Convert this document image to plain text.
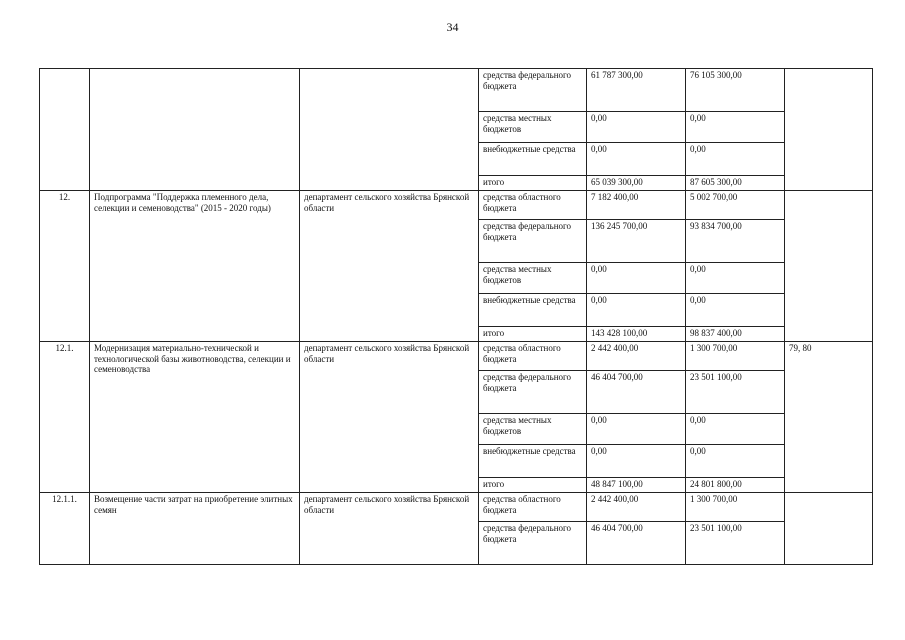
34
			средства федерального бюджета	61 787 300,00	76 105 300,00	
			средства местных бюджетов	0,00	0,00	
			внебюджетные средства	0,00	0,00	
			итого	65 039 300,00	87 605 300,00	
12.	Подпрограмма "Поддержка племенного дела, селекции и семеноводства" (2015 - 2020 годы)	департамент сельского хозяйства Брянской области	средства областного бюджета	7 182 400,00	5 002 700,00	
			средства федерального бюджета	136 245 700,00	93 834 700,00	
			средства местных бюджетов	0,00	0,00	
			внебюджетные средства	0,00	0,00	
			итого	143 428 100,00	98 837 400,00	
12.1.	Модернизация материально-технической и технологической базы животноводства, селекции и семеноводства	департамент сельского хозяйства Брянской области	средства областного бюджета	2 442 400,00	1 300 700,00	79, 80
			средства федерального бюджета	46 404 700,00	23 501 100,00	
			средства местных бюджетов	0,00	0,00	
			внебюджетные средства	0,00	0,00	
			итого	48 847 100,00	24 801 800,00	
12.1.1.	Возмещение части затрат на приобретение элитных семян	департамент сельского хозяйства Брянской области	средства областного бюджета	2 442 400,00	1 300 700,00	
			средства федерального бюджета	46 404 700,00	23 501 100,00	
